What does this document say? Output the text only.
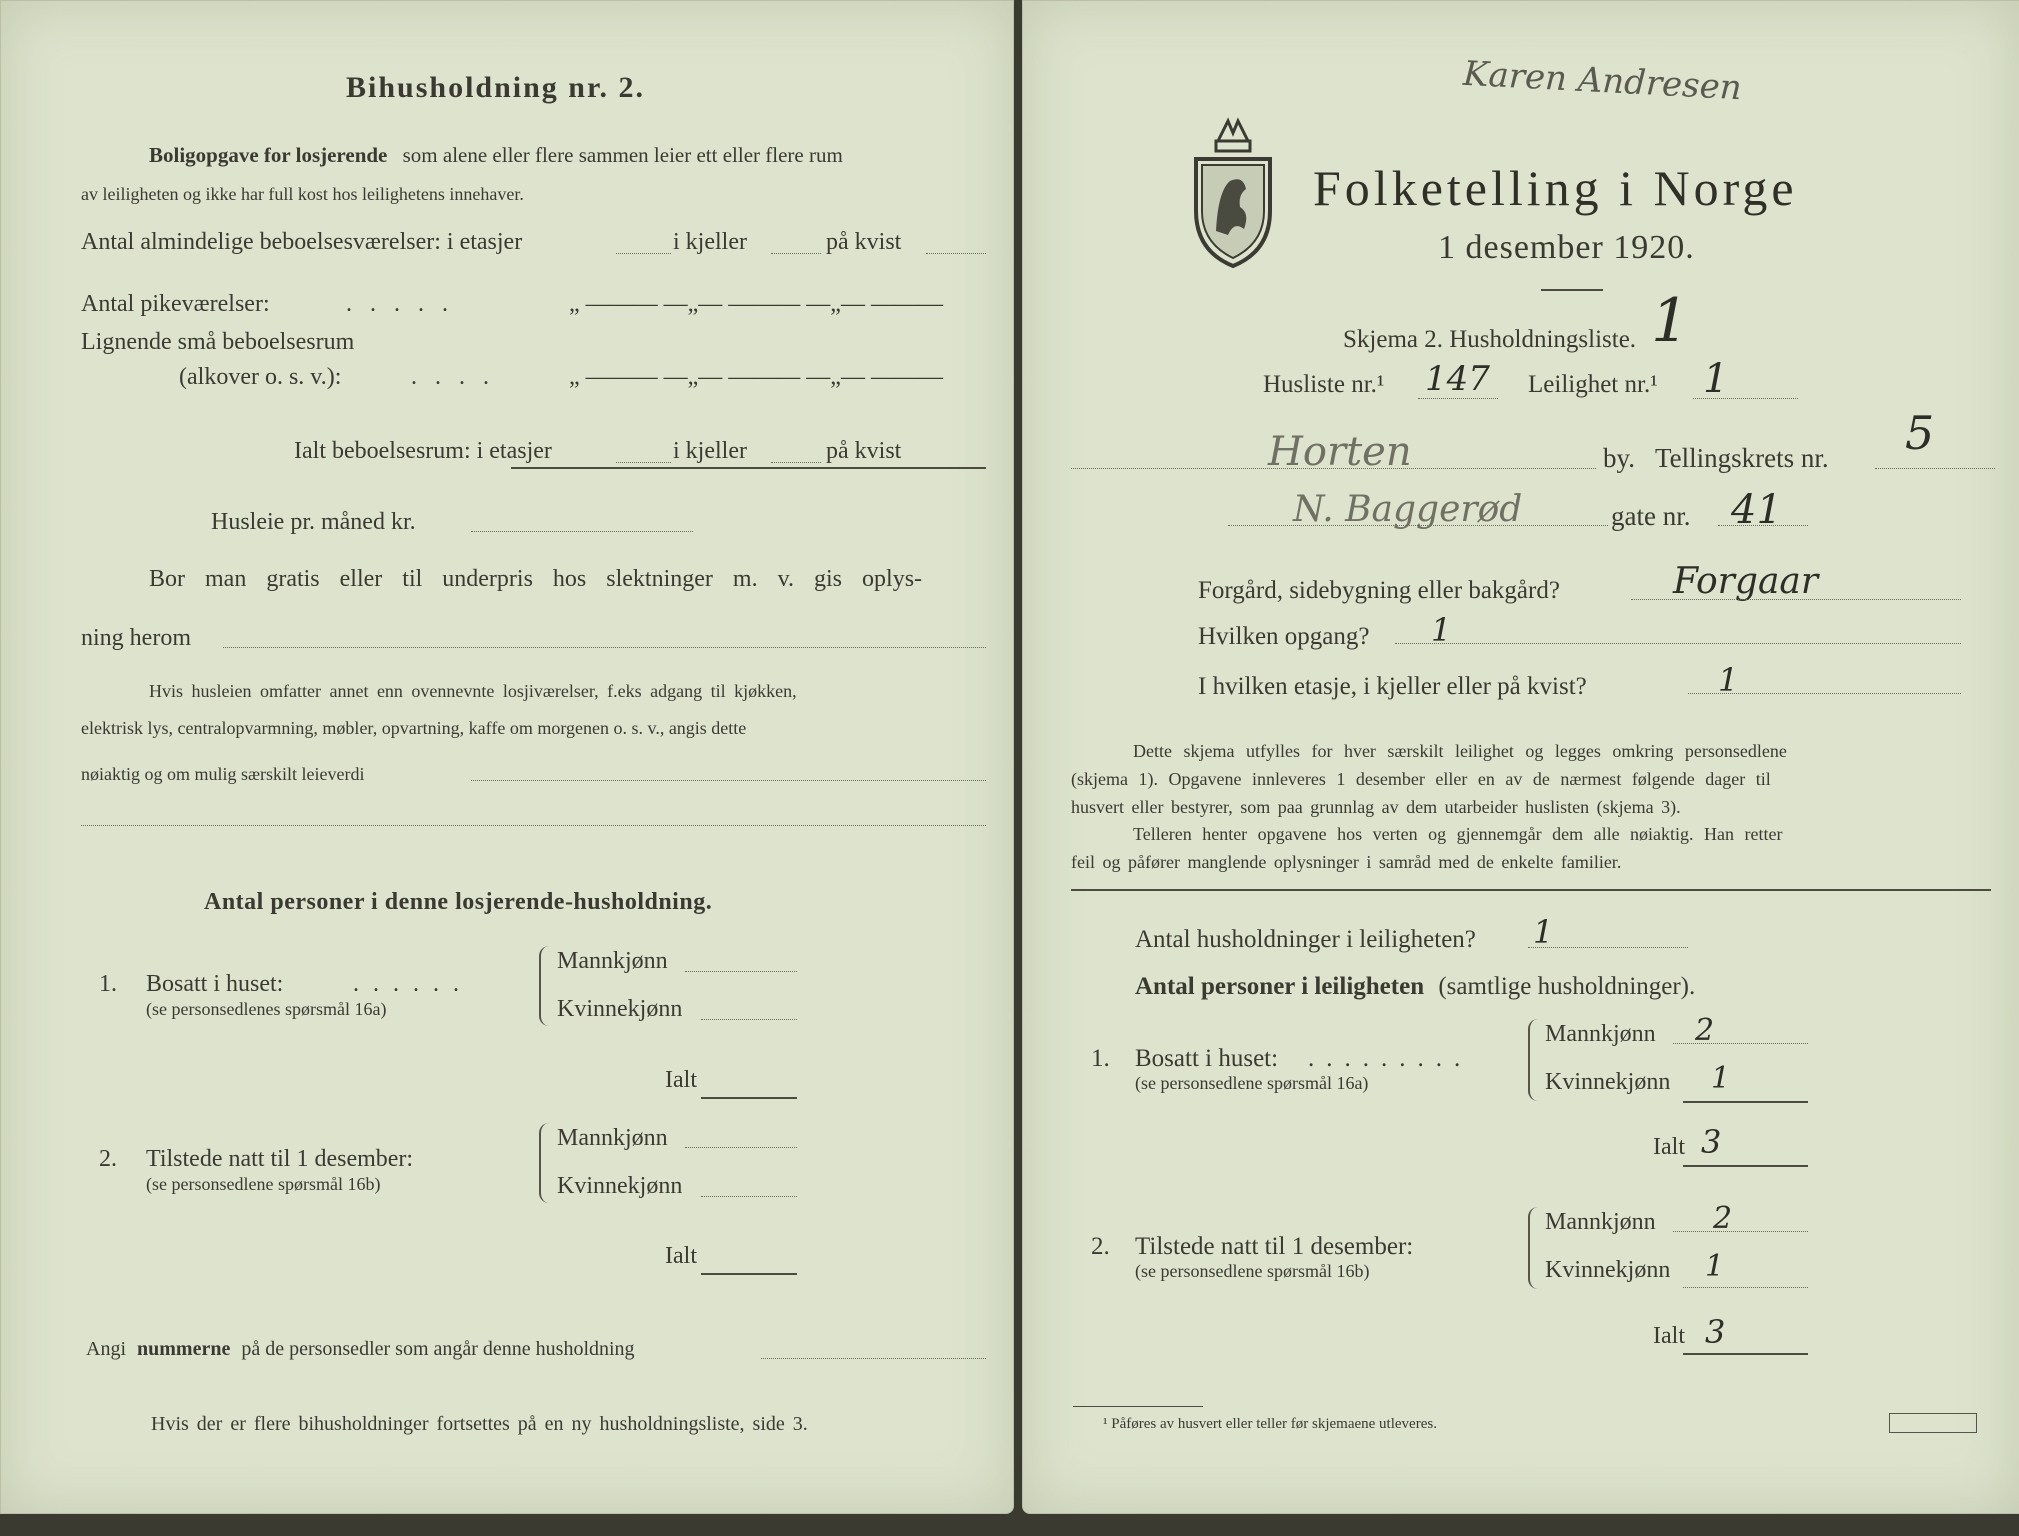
Bihusholdning nr. 2.
Boligopgave for losjerende som alene eller flere sammen leier ett eller flere rum
av leiligheten og ikke har full kost hos leilighetens innehaver.
Antal almindelige beboelsesværelser: i etasjer	i kjeller	på kvist
Antal pikeværelser:	.....	„ ——— —„— ——— —„— ———
Lignende små beboelsesrum
(alkover o. s. v.):	....	„ ——— —„— ——— —„— ———
Ialt beboelsesrum: i etasjer	i kjeller	på kvist
Husleie pr. måned kr.
Bor man gratis eller til underpris hos slektninger m. v. gis oplys-
ning herom
Hvis husleien omfatter annet enn ovennevnte losjiværelser, f.eks adgang til kjøkken,
elektrisk lys, centralopvarmning, møbler, opvartning, kaffe om morgenen o. s. v., angis dette
nøiaktig og om mulig særskilt leieverdi
Antal personer i denne losjerende-husholdning.
1. Bosatt i huset:	......
(se personsedlenes spørsmål 16a)
Mannkjønn
Kvinnekjønn
Ialt
2. Tilstede natt til 1 desember:
(se personsedlene spørsmål 16b)
Mannkjønn
Kvinnekjønn
Ialt
Angi nummerne på de personsedler som angår denne husholdning
Hvis der er flere bihusholdninger fortsettes på en ny husholdningsliste, side 3.
Karen Andresen
Folketelling i Norge
1 desember 1920.
Skjema 2. Husholdningsliste. 1
Husliste nr.¹ 147 Leilighet nr.¹ 1
Horten	by. Tellingskrets nr. 5
N. Baggerød	gate nr. 41
Forgård, sidebygning eller bakgård?	Forgaar
Hvilken opgang? 1
I hvilken etasje, i kjeller eller på kvist?	1
Dette skjema utfylles for hver særskilt leilighet og legges omkring personsedlene
(skjema 1). Opgavene innleveres 1 desember eller en av de nærmest følgende dager til
husvert eller bestyrer, som paa grunnlag av dem utarbeider huslisten (skjema 3).
Telleren henter opgavene hos verten og gjennemgår dem alle nøiaktig. Han retter
feil og påfører manglende oplysninger i samråd med de enkelte familier.
Antal husholdninger i leiligheten? 1
Antal personer i leiligheten (samtlige husholdninger).
1. Bosatt i huset: .........
(se personsedlene spørsmål 16a)
Mannkjønn 2
Kvinnekjønn 1
Ialt 3
2. Tilstede natt til 1 desember:
(se personsedlene spørsmål 16b)
Mannkjønn 2
Kvinnekjønn 1
Ialt 3
¹ Påføres av husvert eller teller før skjemaene utleveres.
